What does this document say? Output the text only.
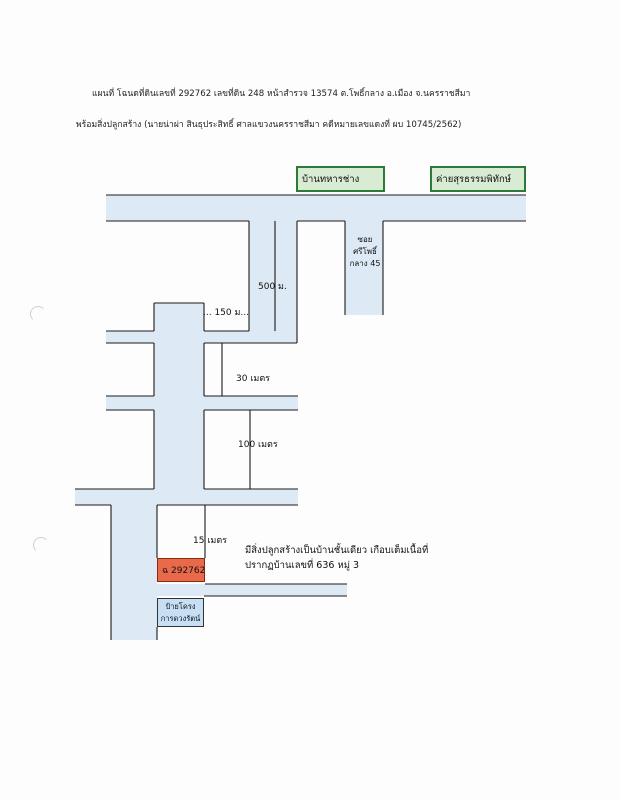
แผนที่ โฉนดที่ดินเลขที่ 292762 เลขที่ดิน 248 หน้าสำรวจ 13574 ต.โพธิ์กลาง อ.เมือง จ.นครราชสีมา
พร้อมสิ่งปลูกสร้าง (นายน่าผ่า สินธุประสิทธิ์ ศาลแขวงนครราชสีมา คดีหมายเลขแดงที่ ผบ 10745/2562)
บ้านทหารช่าง	ค่ายสุรธรรมพิทักษ์
ซอย
ศรีโพธิ์
กลาง 45
500 ม.
... 150 ม...
30 เมตร
100 เมตร
15 เมตร
ฉ 292762
ป้ายโครง
การดวงรัตน์
มีสิ่งปลูกสร้างเป็นบ้านชั้นเดียว เกือบเต็มเนื้อที่
ปรากฏบ้านเลขที่ 636 หมู่ 3
